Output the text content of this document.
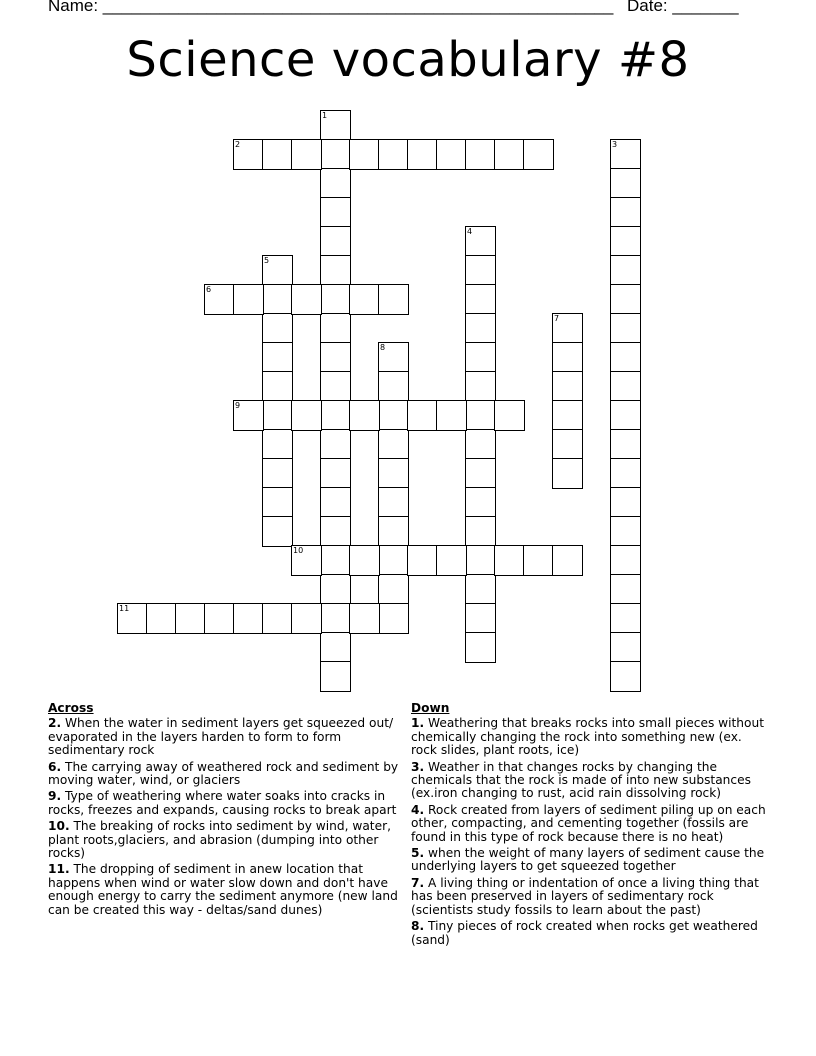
Name: ______________________________________________________ Date: _______
Science vocabulary #8
1
2	3
4
5
6
7
8
9
10
11
Across
2. When the water in sediment layers get squeezed out/ evaporated in the layers harden to form to form sedimentary rock
6. The carrying away of weathered rock and sediment by moving water, wind, or glaciers
9. Type of weathering where water soaks into cracks in rocks, freezes and expands, causing rocks to break apart
10. The breaking of rocks into sediment by wind, water, plant roots,glaciers, and abrasion (dumping into other rocks)
11. The dropping of sediment in anew location that happens when wind or water slow down and don't have enough energy to carry the sediment anymore (new land can be created this way - deltas/sand dunes)
Down
1. Weathering that breaks rocks into small pieces without chemically changing the rock into something new (ex. rock slides, plant roots, ice)
3. Weather in that changes rocks by changing the chemicals that the rock is made of into new substances (ex.iron changing to rust, acid rain dissolving rock)
4. Rock created from layers of sediment piling up on each other, compacting, and cementing together (fossils are found in this type of rock because there is no heat)
5. when the weight of many layers of sediment cause the underlying layers to get squeezed together
7. A living thing or indentation of once a living thing that has been preserved in layers of sedimentary rock (scientists study fossils to learn about the past)
8. Tiny pieces of rock created when rocks get weathered (sand)
